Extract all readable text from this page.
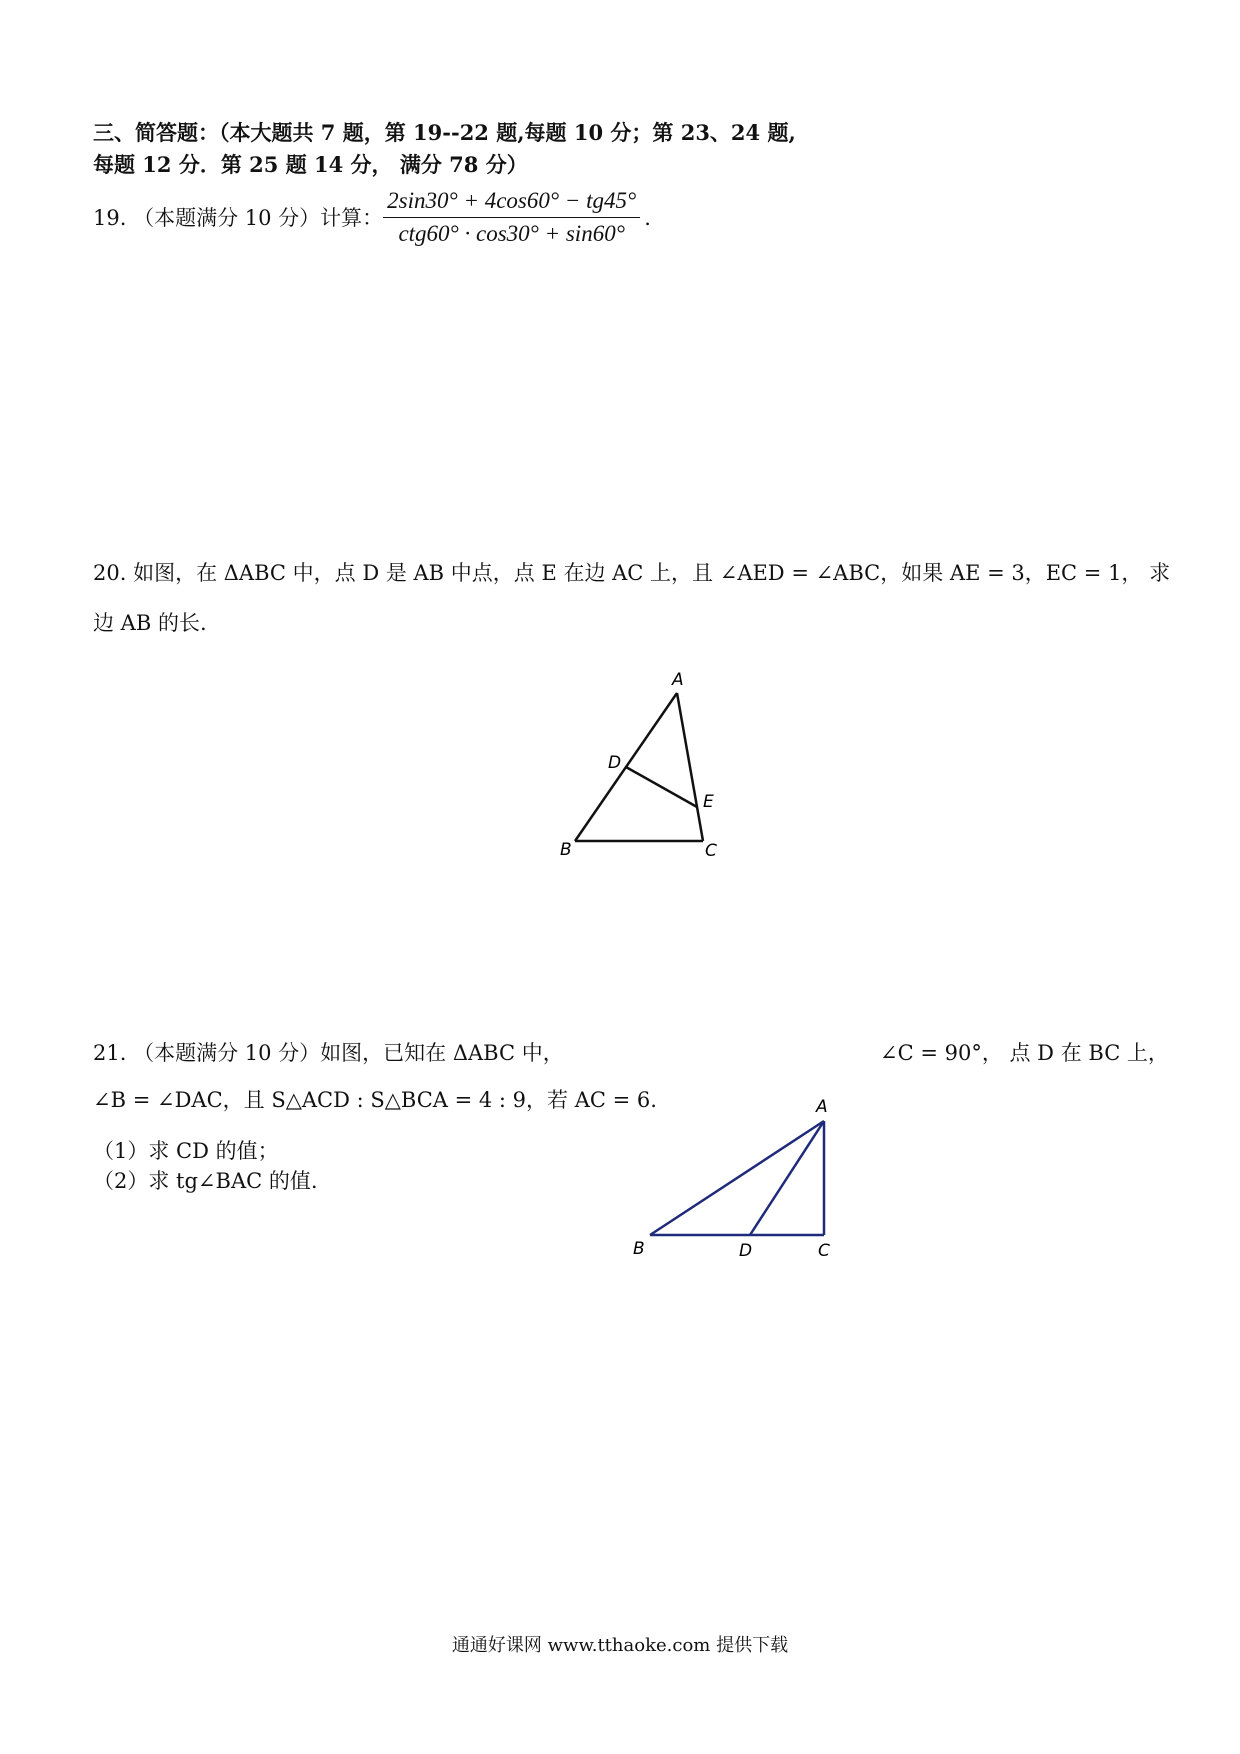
三、简答题：（本大题共 7 题，第 19--22 题,每题 10 分；第 23、24 题,
每题 12 分．第 25 题 14 分， 满分 78 分）
19. （本题满分 10 分）计算： $\frac{2\sin 30^\circ + 4\cos 60^\circ - tg45^\circ}{\text{ctg60° · cos30° + sin60°}}$ .
20. 如图，在 ΔABC 中，点 D 是 AB 中点，点 E 在边 AC 上，且 ∠AED = ∠ABC，如果 AE = 3，EC = 1， 求
边 AB 的长.
A
D
E
B	C
21. （本题满分 10 分）如图，已知在 ΔABC 中，	∠C = 90°， 点 D 在 BC 上，
∠B = ∠DAC，且 S△ACD : S△BCA = 4 : 9，若 AC = 6.
（1）求 CD 的值；
（2）求 tg∠BAC 的值.
A
B	D	C
通通好课网 www.tthaoke.com 提供下载
